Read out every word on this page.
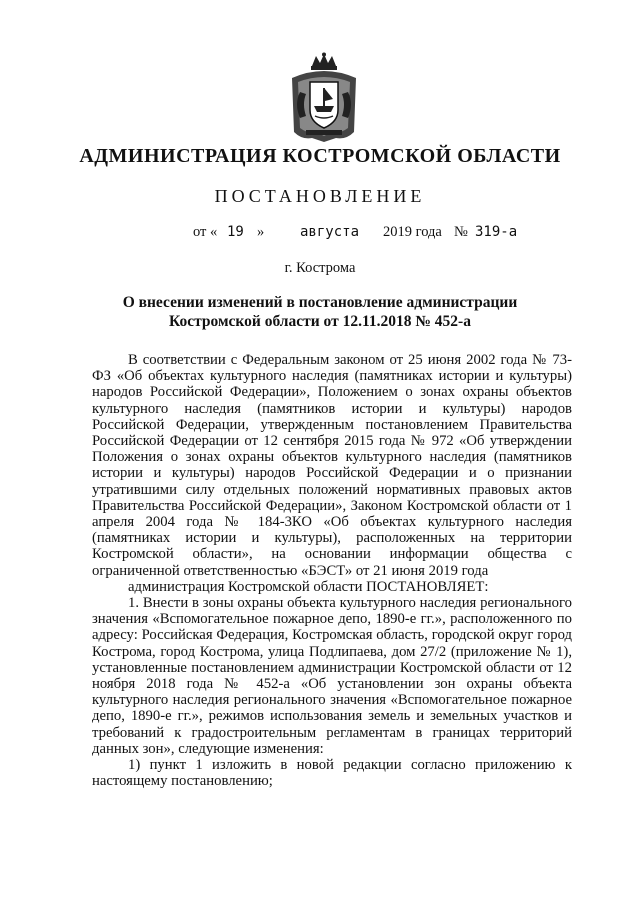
АДМИНИСТРАЦИЯ КОСТРОМСКОЙ ОБЛАСТИ
ПОСТАНОВЛЕНИЕ
от « 19 »	августа 2019 года № 319-а
г. Кострома
О внесении изменений в постановление администрации
Костромской области от 12.11.2018 № 452-а

В соответствии с Федеральным законом от 25 июня 2002 года № 73-ФЗ «Об объектах культурного наследия (памятниках истории и культуры) народов Российской Федерации», Положением о зонах охраны объектов культурного наследия (памятников истории и культуры) народов Российской Федерации, утвержденным постановлением Правительства Российской Федерации от 12 сентября 2015 года № 972 «Об утверждении Положения о зонах охраны объектов культурного наследия (памятников истории и культуры) народов Российской Федерации и о признании утратившими силу отдельных положений нормативных правовых актов Правительства Российской Федерации», Законом Костромской области от 1 апреля 2004 года № 184-3КО «Об объектах культурного наследия (памятниках истории и культуры), расположенных на территории Костромской области», на основании информации общества с ограниченной ответственностью «БЭСТ» от 21 июня 2019 года

администрация Костромской области ПОСТАНОВЛЯЕТ:

1. Внести в зоны охраны объекта культурного наследия регионального значения «Вспомогательное пожарное депо, 1890-е гг.», расположенного по адресу: Российская Федерация, Костромская область, городской округ город Кострома, город Кострома, улица Подлипаева, дом 27/2 (приложение № 1), установленные постановлением администрации Костромской области от 12 ноября 2018 года № 452-а «Об установлении зон охраны объекта культурного наследия регионального значения «Вспомогательное пожарное депо, 1890-е гг.», режимов использования земель и земельных участков и требований к градостроительным регламентам в границах территорий данных зон», следующие изменения:

1) пункт 1 изложить в новой редакции согласно приложению к настоящему постановлению;
